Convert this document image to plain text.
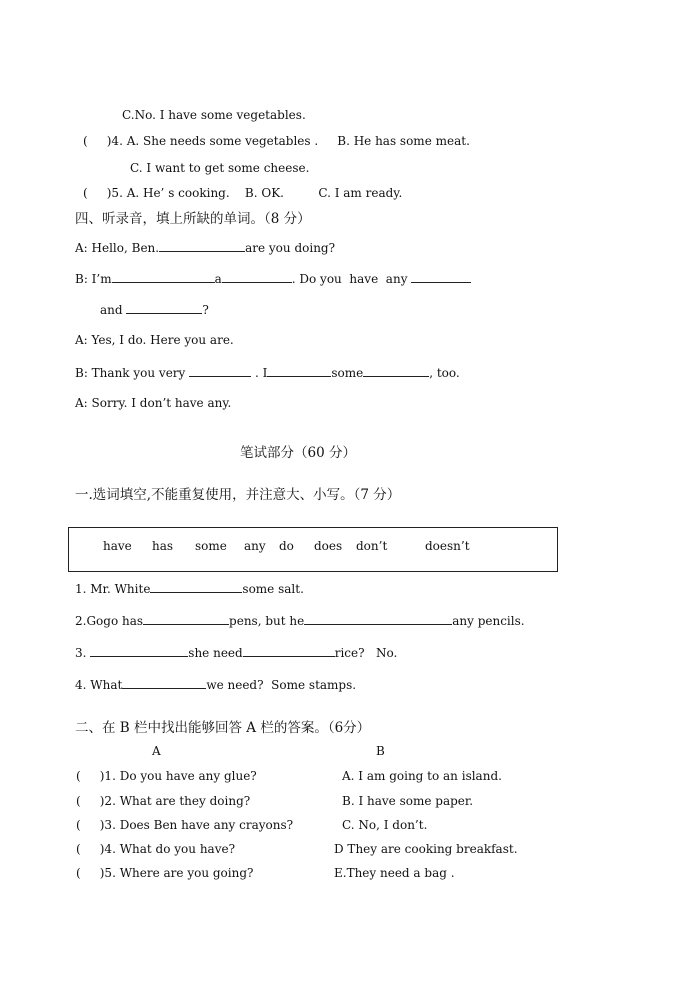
C.No. I have some vegetables.
(     )4. A. She needs some vegetables .     B. He has some meat.
C. I want to get some cheese.
(     )5. A. He’ s cooking.    B. OK.         C. I am ready.
四、听录音，填上所缺的单词。（8 分）
A: Hello, Ben.	are you doing?
B: I’m	a	. Do you  have  any
and	?
A: Yes, I do. Here you are.
B: Thank you very	. I	some	, too.
A: Sorry. I don’t have any.
笔试部分（60 分）
一.选词填空,不能重复使用，并注意大、小写。（7 分）
have has some any do does don’t	doesn’t
1. Mr. White	some salt.
2.Gogo has	pens, but he	any pencils.
3.	she need	rice?   No.
4. What	we need?  Some stamps.
二、在 B 栏中找出能够回答 A 栏的答案。（6分）
A	B
(     )1. Do you have any glue?	A. I am going to an island.
(     )2. What are they doing?	B. I have some paper.
(     )3. Does Ben have any crayons?	C. No, I don’t.
(     )4. What do you have?	D They are cooking breakfast.
(     )5. Where are you going?	E.They need a bag .
